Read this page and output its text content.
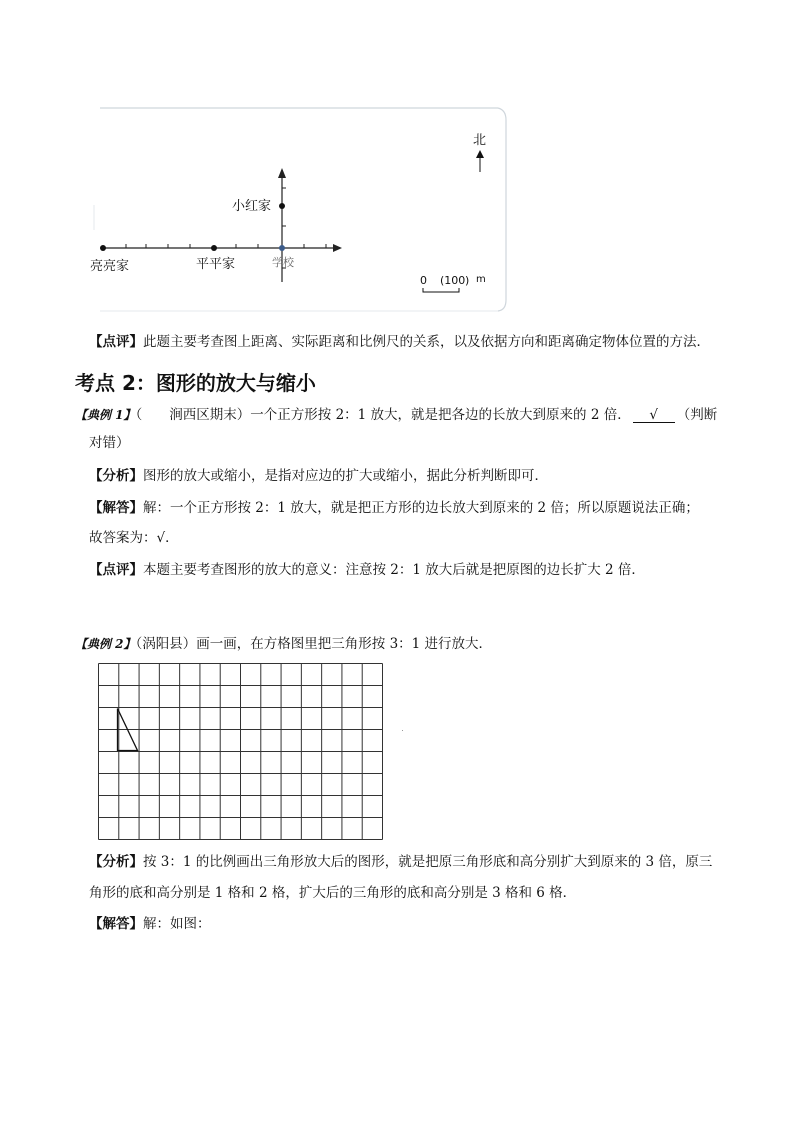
小红家
亮亮家	平平家	学校
北
0 (100 ) m
【点评】此题主要考查图上距离、实际距离和比例尺的关系，以及依据方向和距离确定物体位置的方法．
考点 2：图形的放大与缩小
【典例 1】（　　涧西区期末）一个正方形按 2：1 放大，就是把各边的长放大到原来的 2 倍． √ （判断
对错）
【分析】图形的放大或缩小，是指对应边的扩大或缩小，据此分析判断即可．
【解答】解：一个正方形按 2：1 放大，就是把正方形的边长放大到原来的 2 倍；所以原题说法正确；
故答案为：√．
【点评】本题主要考查图形的放大的意义：注意按 2：1 放大后就是把原图的边长扩大 2 倍．
【典例 2】（涡阳县）画一画，在方格图里把三角形按 3：1 进行放大．
【分析】按 3：1 的比例画出三角形放大后的图形，就是把原三角形底和高分别扩大到原来的 3 倍，原三
角形的底和高分别是 1 格和 2 格，扩大后的三角形的底和高分别是 3 格和 6 格．
【解答】解：如图：
